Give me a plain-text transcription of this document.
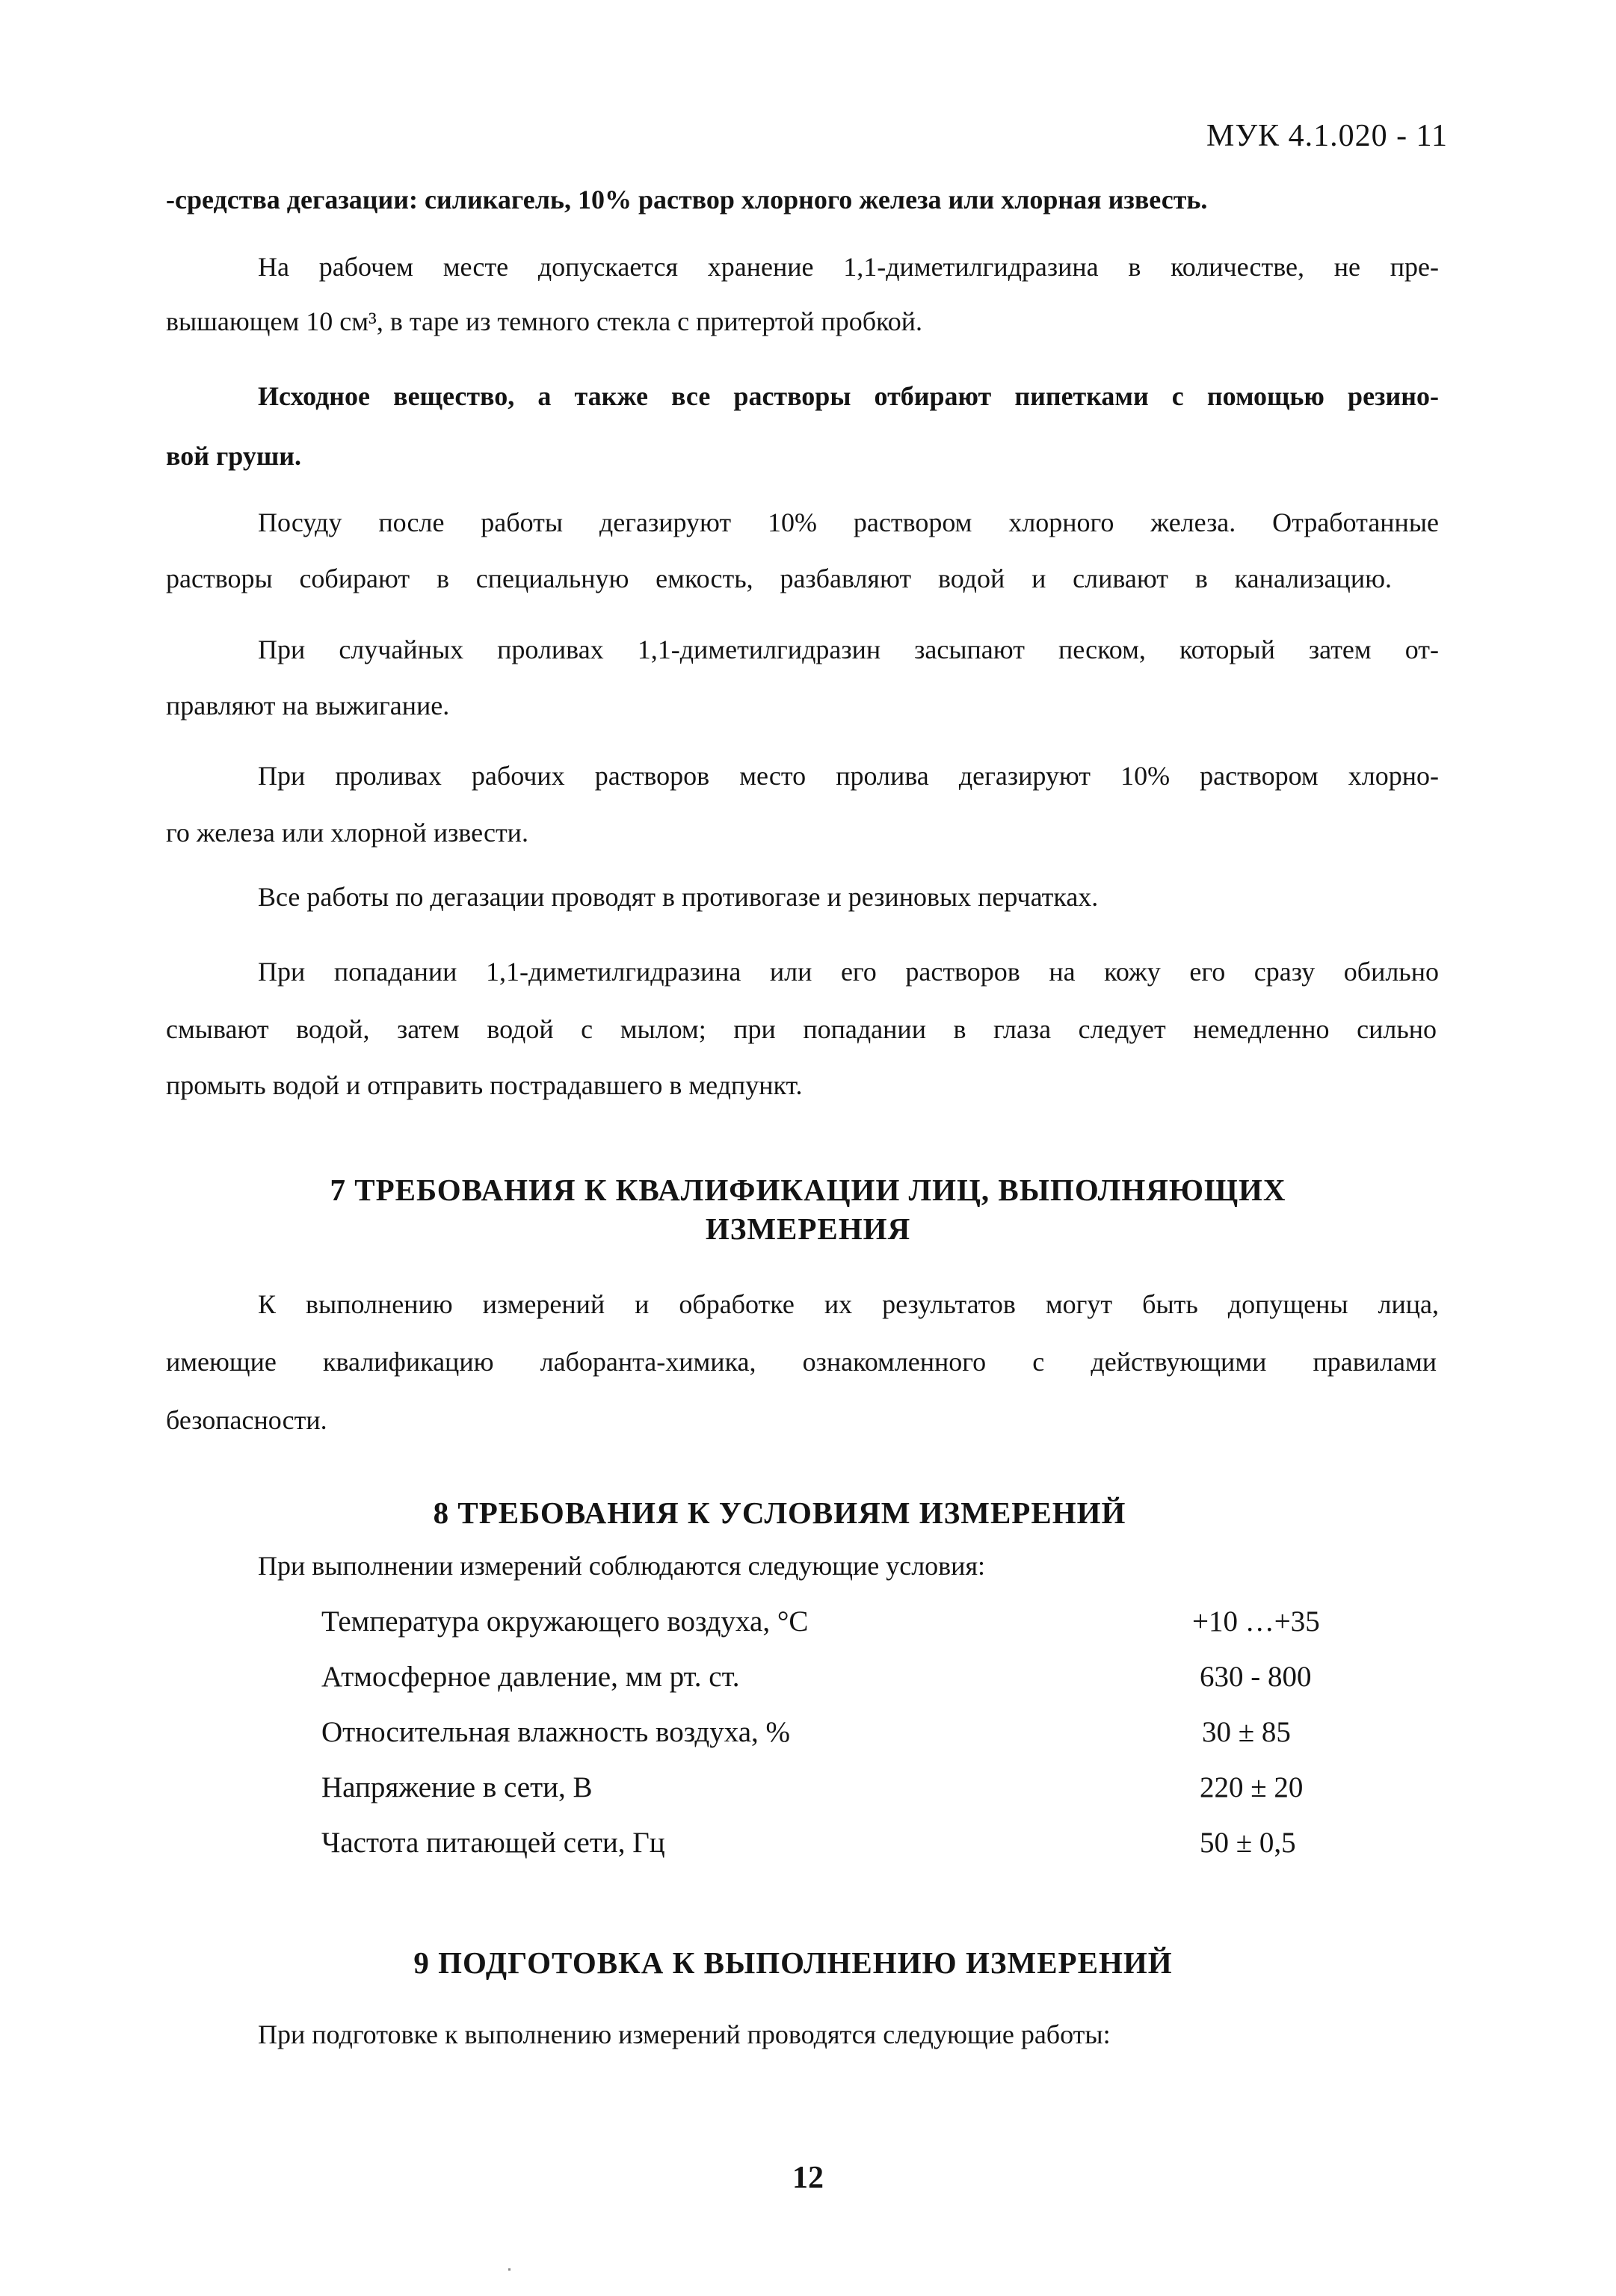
МУК 4.1.020 - 11
-средства дегазации: силикагель, 10% раствор хлорного железа или хлорная известь.
На рабочем месте допускается хранение 1,1-диметилгидразина в количестве, не пре-
вышающем 10 см³, в таре из темного стекла с притертой пробкой.
Исходное вещество, а также все растворы отбирают пипетками с помощью резино-
вой груши.
Посуду после работы дегазируют 10% раствором хлорного железа. Отработанные
растворы собирают в специальную емкость, разбавляют водой и сливают в канализацию.
При случайных проливах 1,1-диметилгидразин засыпают песком, который затем от-
правляют на выжигание.
При проливах рабочих растворов место пролива дегазируют 10% раствором хлорно-
го железа или хлорной извести.
Все работы по дегазации проводят в противогазе и резиновых перчатках.
При попадании 1,1-диметилгидразина или его растворов на кожу его сразу обильно
смывают водой, затем водой с мылом; при попадании в глаза следует немедленно сильно
промыть водой и отправить пострадавшего в медпункт.
7 ТРЕБОВАНИЯ К КВАЛИФИКАЦИИ ЛИЦ, ВЫПОЛНЯЮЩИХ
ИЗМЕРЕНИЯ
К выполнению измерений и обработке их результатов могут быть допущены лица,
имеющие квалификацию лаборанта-химика, ознакомленного с действующими правилами
безопасности.
8 ТРЕБОВАНИЯ К УСЛОВИЯМ ИЗМЕРЕНИЙ
При выполнении измерений соблюдаются следующие условия:
Температура окружающего воздуха, °С	+10 …+35
Атмосферное давление, мм рт. ст.	630 - 800
Относительная влажность воздуха, %	30 ± 85
Напряжение в сети, В	220 ± 20
Частота питающей сети, Гц	50 ± 0,5
9 ПОДГОТОВКА К ВЫПОЛНЕНИЮ ИЗМЕРЕНИЙ
При подготовке к выполнению измерений проводятся следующие работы:
12
